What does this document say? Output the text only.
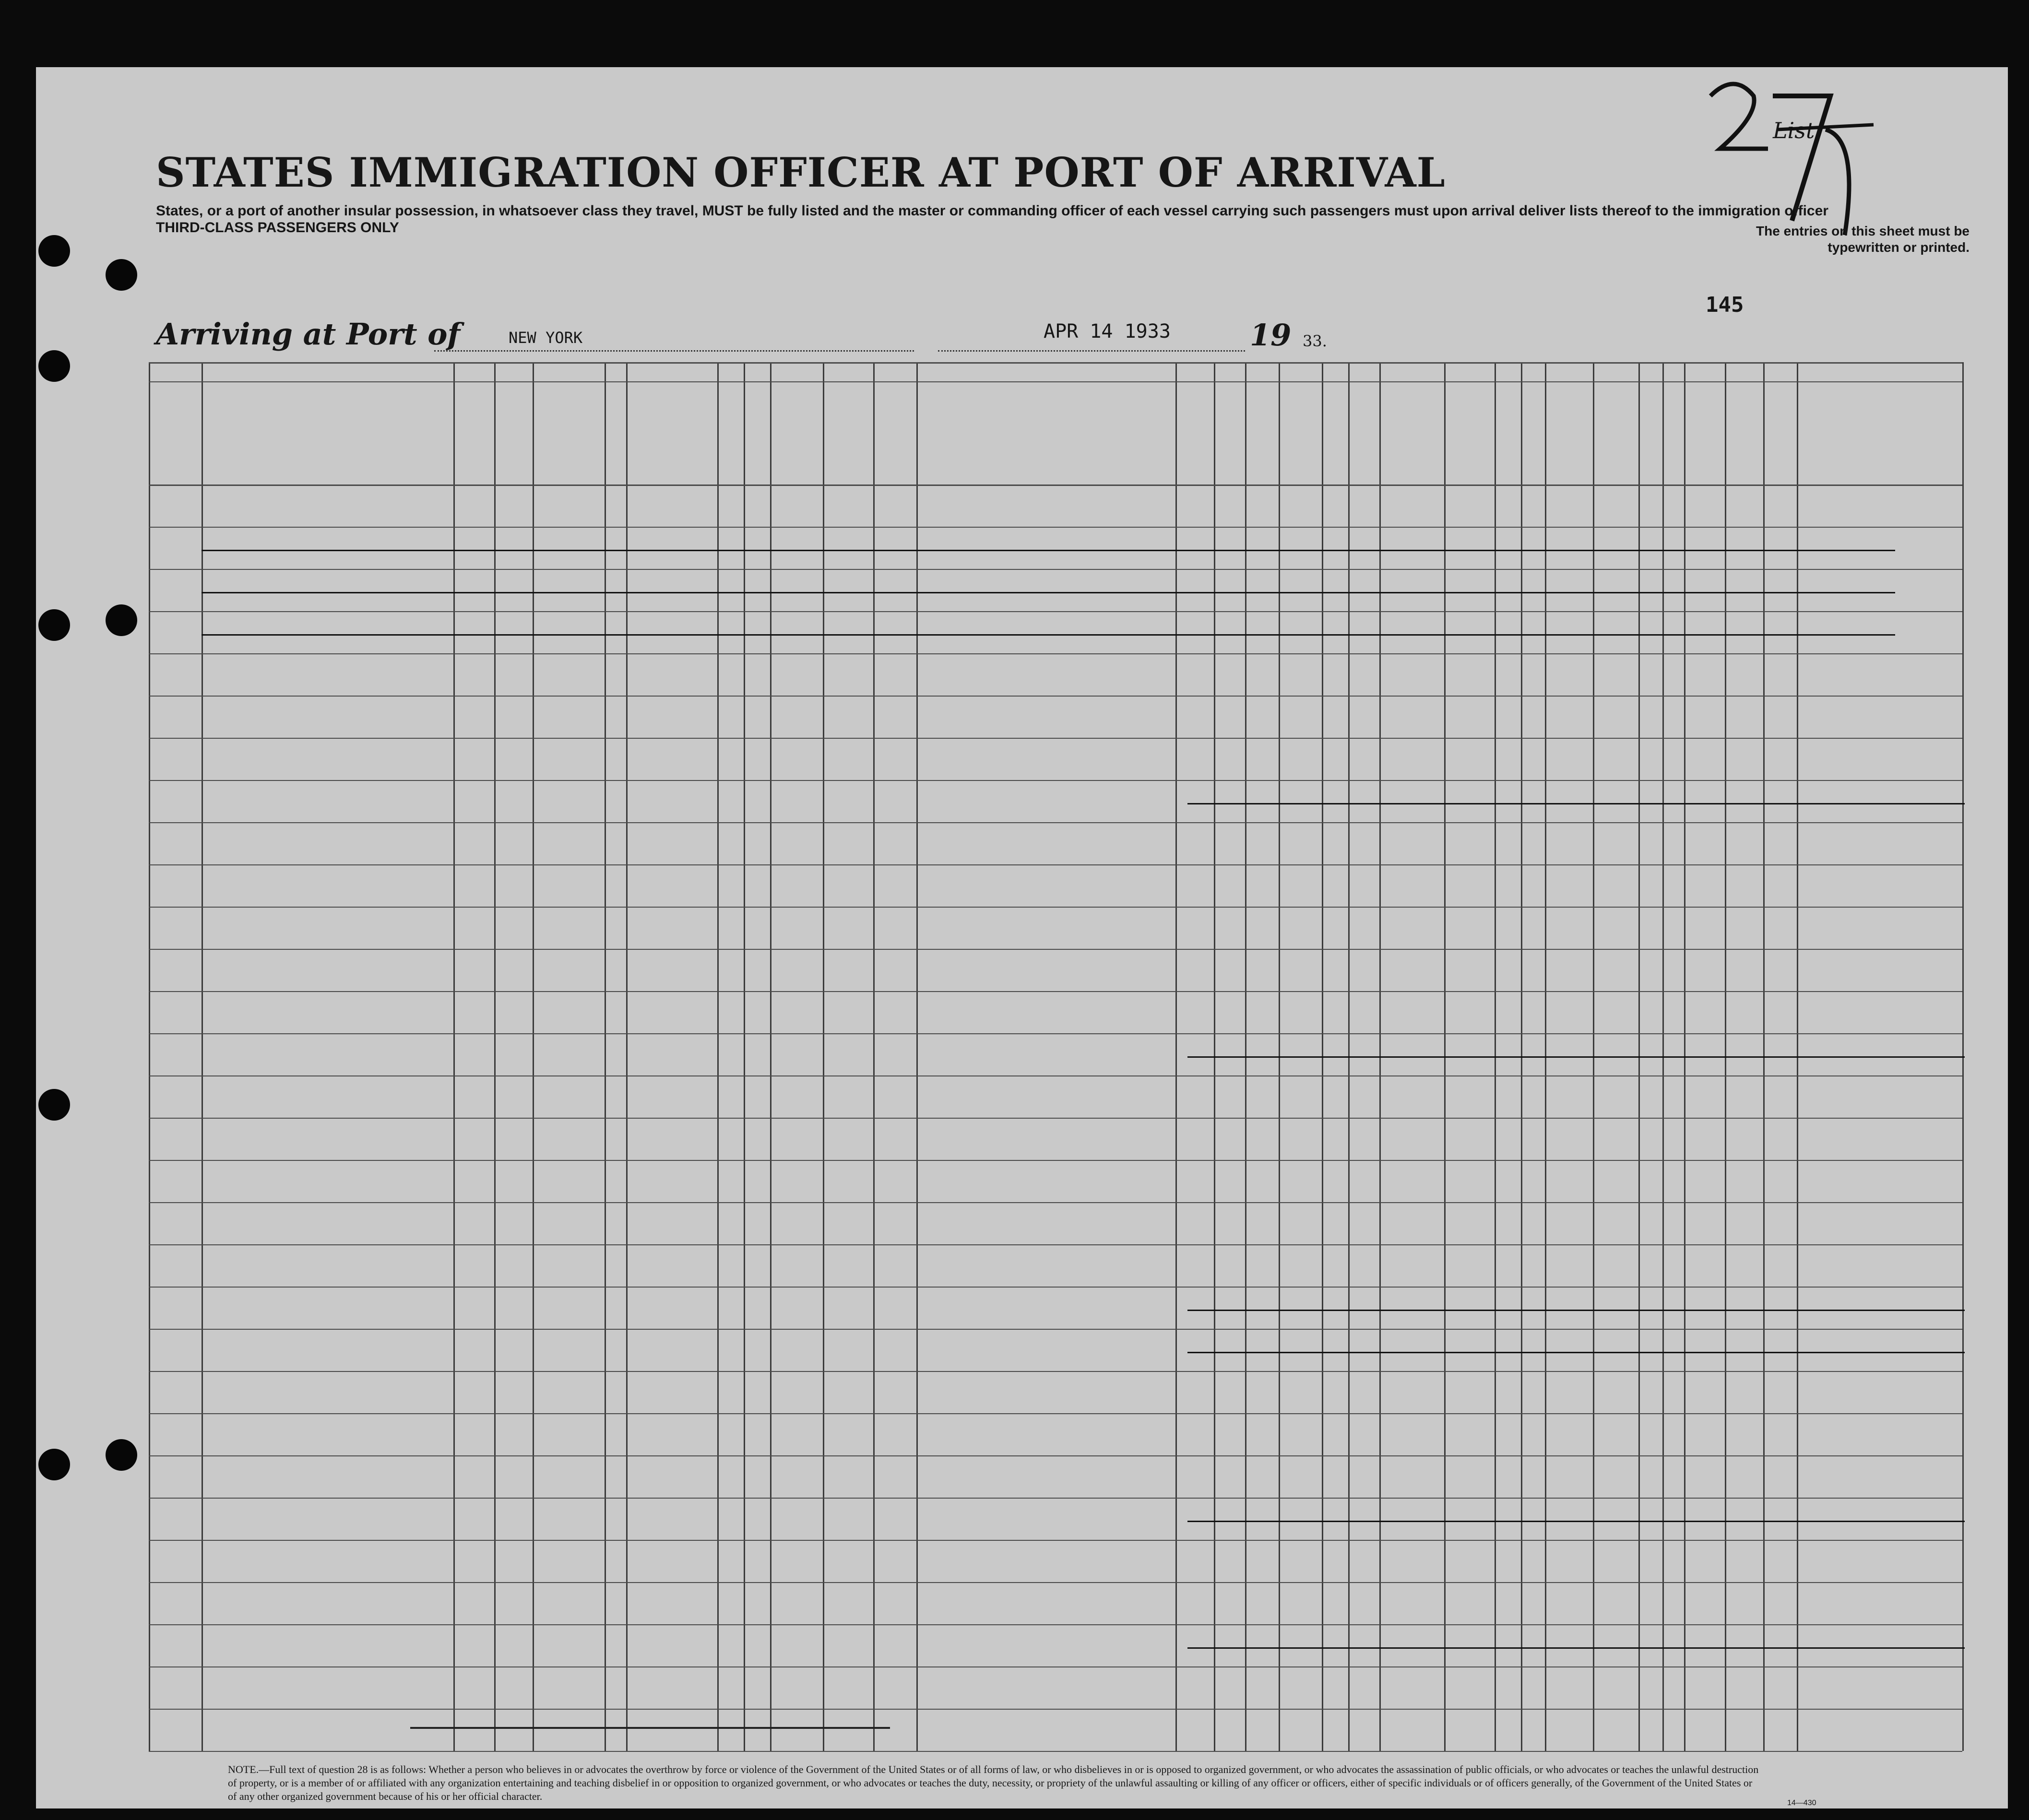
List
STATES IMMIGRATION OFFICER AT PORT OF ARRIVAL
States, or a port of another insular possession, in whatsoever class they travel, MUST be fully listed and the master or commanding officer of each vessel carrying such passengers must upon arrival deliver lists thereof to the immigration officer
THIRD-CLASS PASSENGERS ONLY	The entries on this sheet must be typewritten or printed.
145
Arriving at Port of	NEW YORK	APR 14 1933	19 33.
NOTE.—Full text of question 28 is as follows: Whether a person who believes in or advocates the overthrow by force or violence of the Government of the United States or of all forms of law, or who disbelieves in or is opposed to organized government, or who advocates the assassination of public officials, or who advocates or teaches the unlawful destruction of property, or is a member of or affiliated with any organization entertaining and teaching disbelief in or opposition to organized government, or who advocates or teaches the duty, necessity, or propriety of the unlawful assaulting or killing of any officer or officers, either of specific individuals or of officers generally, of the Government of the United States or of any other organized government because of his or her official character.
14—430
